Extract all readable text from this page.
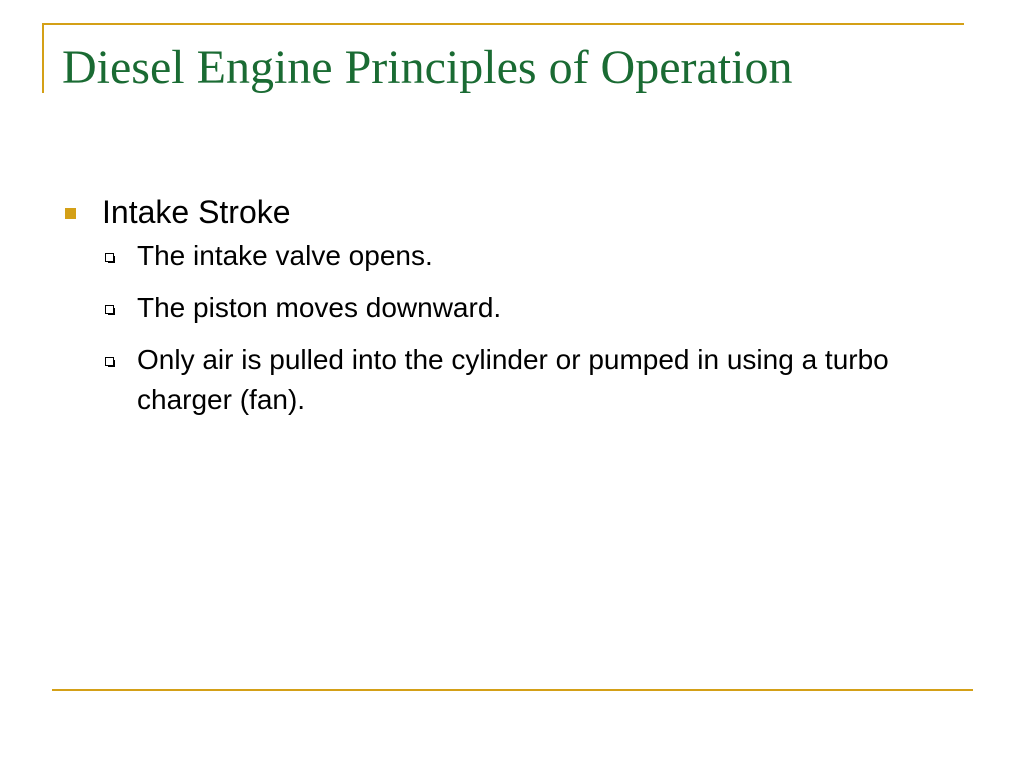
Diesel Engine Principles of Operation
Intake Stroke
The intake valve opens.
The piston moves downward.
Only air is pulled into the cylinder or pumped in using a turbo charger (fan).
